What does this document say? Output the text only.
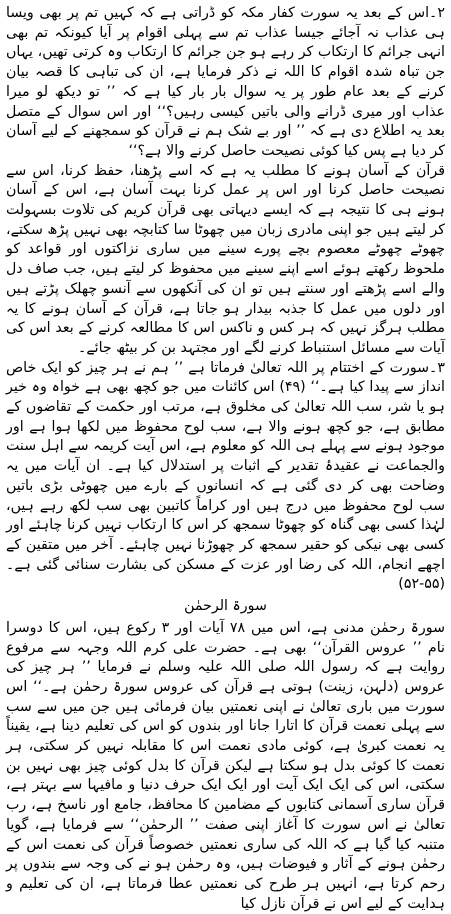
۲۔اس کے بعد یہ سورت کفار مکہ کو ڈراتی ہے کہ کہیں تم پر بھی ویسا ہی عذاب نہ آجائے جیسا عذاب تم سے پہلی اقوام پر آیا کیونکہ تم بھی انہی جرائم کا ارتکاب کر رہے ہو جن جرائم کا ارتکاب وہ کرتی تھیں، یہاں جن تباہ شدہ اقوام کا اللہ نے ذکر فرمایا ہے، ان کی تباہی کا قصہ بیان کرنے کے بعد عام طور پر یہ سوال بار بار کیا ہے کہ ’’ تو دیکھ لو میرا عذاب اور میری ڈرانے والی باتیں کیسی رہیں؟‘‘ اور اس سوال کے متصل بعد یہ اطلاع دی ہے کہ ’’ اور بے شک ہم نے قرآن کو سمجھنے کے لیے آسان کر دیا ہے پس کیا کوئی نصیحت حاصل کرنے والا ہے؟‘‘

قرآن کے آسان ہونے کا مطلب یہ ہے کہ اسے پڑھنا، حفظ کرنا، اس سے نصیحت حاصل کرنا اور اس پر عمل کرنا بہت آسان ہے، اس کے آسان ہونے ہی کا نتیجہ ہے کہ ایسے دیہاتی بھی قرآن کریم کی تلاوت بسہولت کر لیتے ہیں جو اپنی مادری زبان میں چھوٹا سا کتابچہ بھی نہیں پڑھ سکتے، چھوٹے چھوٹے معصوم بچے پورے سینے میں ساری نزاکتوں اور قواعد کو ملحوظ رکھتے ہوئے اسے اپنے سینے میں محفوظ کر لیتے ہیں، جب صاف دل والے اسے پڑھتے اور سنتے ہیں تو ان کی آنکھوں سے آنسو چھلک پڑتے ہیں اور دلوں میں عمل کا جذبہ بیدار ہو جاتا ہے، قرآن کے آسان ہونے کا یہ مطلب ہرگز نہیں کہ ہر کس و ناکس اس کا مطالعہ کرنے کے بعد اس کی آیات سے مسائل استنباط کرنے لگے اور مجتہد بن کر بیٹھ جائے۔

۳۔سورت کے اختتام پر اللہ تعالیٰ فرماتا ہے ’’ ہم نے ہر چیز کو ایک خاص انداز سے پیدا کیا ہے۔‘‘ (۴۹) اس کائنات میں جو کچھ بھی ہے خواہ وہ خیر ہو یا شر، سب اللہ تعالیٰ کی مخلوق ہے، مرتب اور حکمت کے تقاضوں کے مطابق ہے، جو کچھ ہونے والا ہے، سب لوح محفوظ میں لکھا ہوا ہے اور موجود ہونے سے پہلے ہی اللہ کو معلوم ہے، اس آیت کریمہ سے اہل سنت والجماعت نے عقیدۂ تقدیر کے اثبات پر استدلال کیا ہے۔ ان آیات میں یہ وضاحت بھی کر دی گئی ہے کہ انسانوں کے بارے میں چھوٹی بڑی باتیں سب لوح محفوظ میں درج ہیں اور کراماً کاتبین بھی سب لکھ رہے ہیں، لہٰذا کسی بھی گناہ کو چھوٹا سمجھ کر اس کا ارتکاب نہیں کرنا چاہئے اور کسی بھی نیکی کو حقیر سمجھ کر چھوڑنا نہیں چاہئے۔ آخر میں متقین کے اچھے انجام، اللہ کی رضا اور عزت کے مسکن کی بشارت سنائی گئی ہے۔ (۵۵-۵۲)

سورۃ الرحمٰن

سورۃ رحمٰن مدنی ہے، اس میں ۷۸ آیات اور ۳ رکوع ہیں، اس کا دوسرا نام ’’ عروس القرآن‘‘ بھی ہے۔ حضرت علی کرم اللہ وجہہ سے مرفوع روایت ہے کہ رسول اللہ صلی اللہ علیہ وسلم نے فرمایا ’’ ہر چیز کی عروس (دلہن، زینت) ہوتی ہے قرآن کی عروس سورۃ رحمٰن ہے۔‘‘ اس سورت میں باری تعالیٰ نے اپنی نعمتیں بیان فرمائی ہیں جن میں سے سب سے پہلی نعمت قرآن کا اتارا جانا اور بندوں کو اس کی تعلیم دینا ہے، یقیناً یہ نعمت کبریٰ ہے، کوئی مادی نعمت اس کا مقابلہ نہیں کر سکتی، ہر نعمت کا کوئی بدل ہو سکتا ہے لیکن قرآن کا بدل کوئی چیز بھی نہیں بن سکتی، اس کی ایک ایک آیت اور ایک ایک حرف دنیا و مافیہا سے بہتر ہے، قرآن ساری آسمانی کتابوں کے مضامین کا محافظ، جامع اور ناسخ ہے، رب تعالیٰ نے اس سورت کا آغاز اپنی صفت ’’ الرحمٰن‘‘ سے فرمایا ہے، گویا متنبہ کیا گیا ہے کہ اللہ کی ساری نعمتیں خصوصاً قرآن کی نعمت اس کے رحمٰن ہونے کے آثار و فیوضات ہیں، وہ رحمٰن ہو نے کی وجہ سے بندوں پر رحم کرتا ہے، انہیں ہر طرح کی نعمتیں عطا فرماتا ہے، ان کی تعلیم و ہدایت کے لیے اس نے قرآن نازل کیا
